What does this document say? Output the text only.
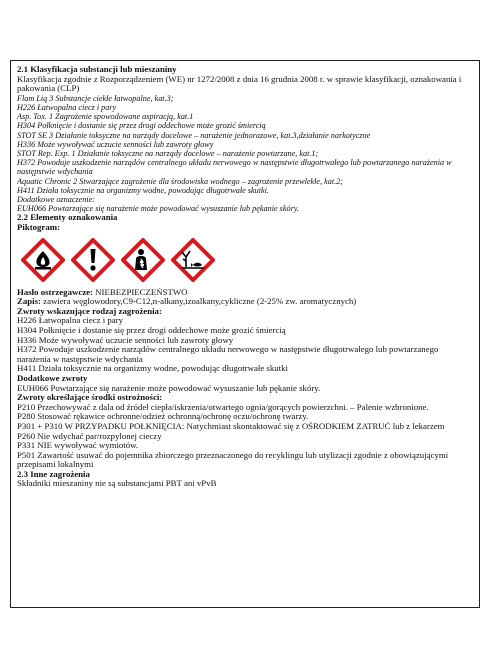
2.1 Klasyfikacja substancji lub mieszaniny
Klasyfikacja zgodnie z Rozporządzeniem (WE) nr 1272/2008 z dnia 16 grudnia 2008 r. w sprawie klasyfikacji, oznakowania i pakowania (CLP)
Flam Liq 3 Substancje ciekłe łatwopalne, kat.3;
H226 Łatwopalna ciecz i pary
Asp. Tox. 1 Zagrożenie spowodowane aspiracją, kat.1
H304 Połknięcie i dostanie się przez drogi oddechowe może grozić śmiercią
STOT SE 3 Działanie toksyczne na narządy docelowe – narażenie jednorazowe, kat.3,działanie narkotyczne
H336 Może wywoływać uczucie senności lub zawroty głowy
STOT Rep. Exp. 1 Działanie toksyczne na narządy docelowe – narażenie powtarzane, kat.1;
H372 Powoduje uszkodzenie narządów centralnego układu nerwowego w następstwie długotrwałego lub powtarzanego narażenia w następstwie wdychania
Aquatic Chronic 2 Stwarzające zagrożenie dla środowiska wodnego – zagrożenie przewlekłe, kat.2;
H411 Działa toksycznie na organizmy wodne, powodując długotrwałe skutki.
Dodatkowe oznaczenie:
EUH066 Powtarzające się narażenie może powodować wysuszanie lub pękanie skóry.
2.2 Elementy oznakowania
Piktogram:
Hasło ostrzegawcze: NIEBEZPIECZEŃSTWO
Zapis: zawiera węglowodory,C9-C12,n-alkany,izoalkany,cykliczne (2-25% zw. aromatycznych)
Zwroty wskazujące rodzaj zagrożenia:
H226 Łatwopalna ciecz i pary
H304 Połknięcie i dostanie się przez drogi oddechowe może grozić śmiercią
H336 Może wywoływać uczucie senności lub zawroty głowy
H372 Powoduje uszkodzenie narządów centralnego układu nerwowego w następstwie długotrwałego lub powtarzanego narażenia w następstwie wdychania
H411 Działa toksycznie na organizmy wodne, powodując długotrwałe skutki
Dodatkowe zwroty
EUH066 Powtarzające się narażenie może powodować wysuszanie lub pękanie skóry.
Zwroty określające środki ostrożności:
P210 Przechowywać z dala od źródeł ciepła/iskrzenia/otwartego ognia/gorących powierzchni. – Palenie wzbronione.
P280 Stosować rękawice ochronne/odzież ochronną/ochronę oczu/ochronę twarzy.
P301 + P310 W PRZYPADKU POŁKNIĘCIA: Natychmiast skontaktować się z OŚRODKIEM ZATRUĆ lub z lekarzem
P260 Nie wdychać par/rozpylonej cieczy
P331 NIE wywoływać wymiotów.
P501 Zawartość usuwać do pojemnika zbiorczego przeznaczonego do recyklingu lub utylizacji zgodnie z obowiązującymi przepisami lokalnymi
2.3 Inne zagrożenia
Składniki mieszaniny nie są substancjami PBT ani vPvB
